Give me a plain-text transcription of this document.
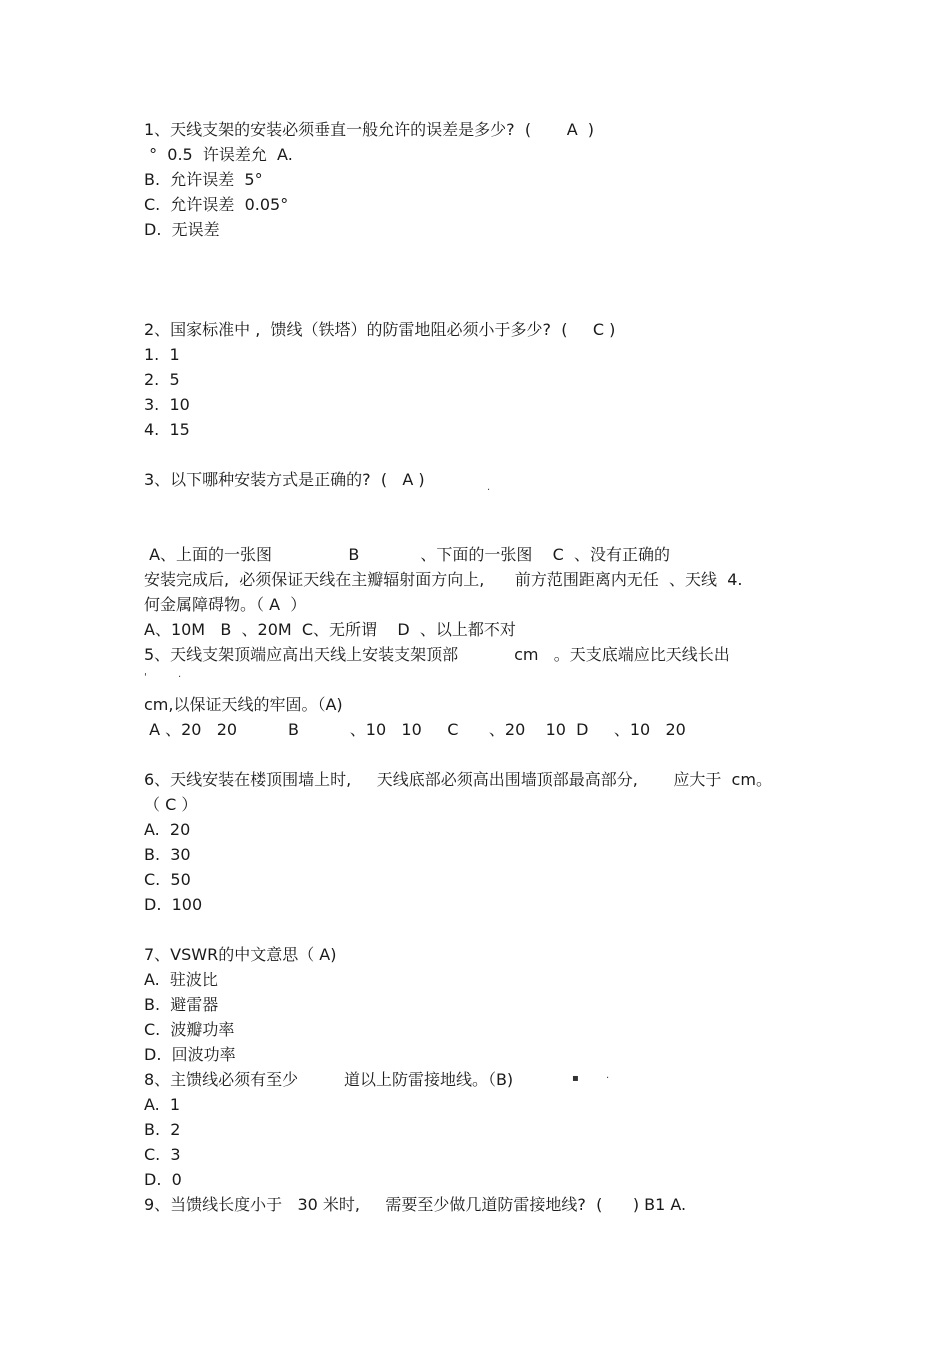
1、天线支架的安装必须垂直一般允许的误差是多少?  (       A  )
°  0.5  许误差允  A.
B.  允许误差  5°
C.  允许误差  0.05°
D.  无误差
2、国家标准中 ,  馈线（铁塔）的防雷地阻必须小于多少?  (     C )
1.  1
2.  5
3.  10
4.  15
3、以下哪种安装方式是正确的?  (   A )
A、上面的一张图               B            、下面的一张图    C  、没有正确的
安装完成后,  必须保证天线在主瓣辐射面方向上,      前方范围距离内无任  、天线  4.
何金属障碍物。（ A  ）
A、10M   B  、20M  C、无所谓    D  、以上都不对
5、天线支架顶端应高出天线上安装支架顶部           cm   。天支底端应比天线长出
cm,以保证天线的牢固。（A)
A 、20   20          B          、10   10     C      、20    10  D     、10   20
6、天线安装在楼顶围墙上时,     天线底部必须高出围墙顶部最高部分,       应大于  cm。
（ C ）
A.  20
B.  30
C.  50
D.  100
7、VSWR的中文意思（ A)
A.  驻波比
B.  避雷器
C.  波瓣功率
D.  回波功率
8、主馈线必须有至少         道以上防雷接地线。（B)
A.  1
B.  2
C.  3
D.  0
9、当馈线长度小于   30 米时,     需要至少做几道防雷接地线?  (      ) B1 A.
.
'	·
▪	·
